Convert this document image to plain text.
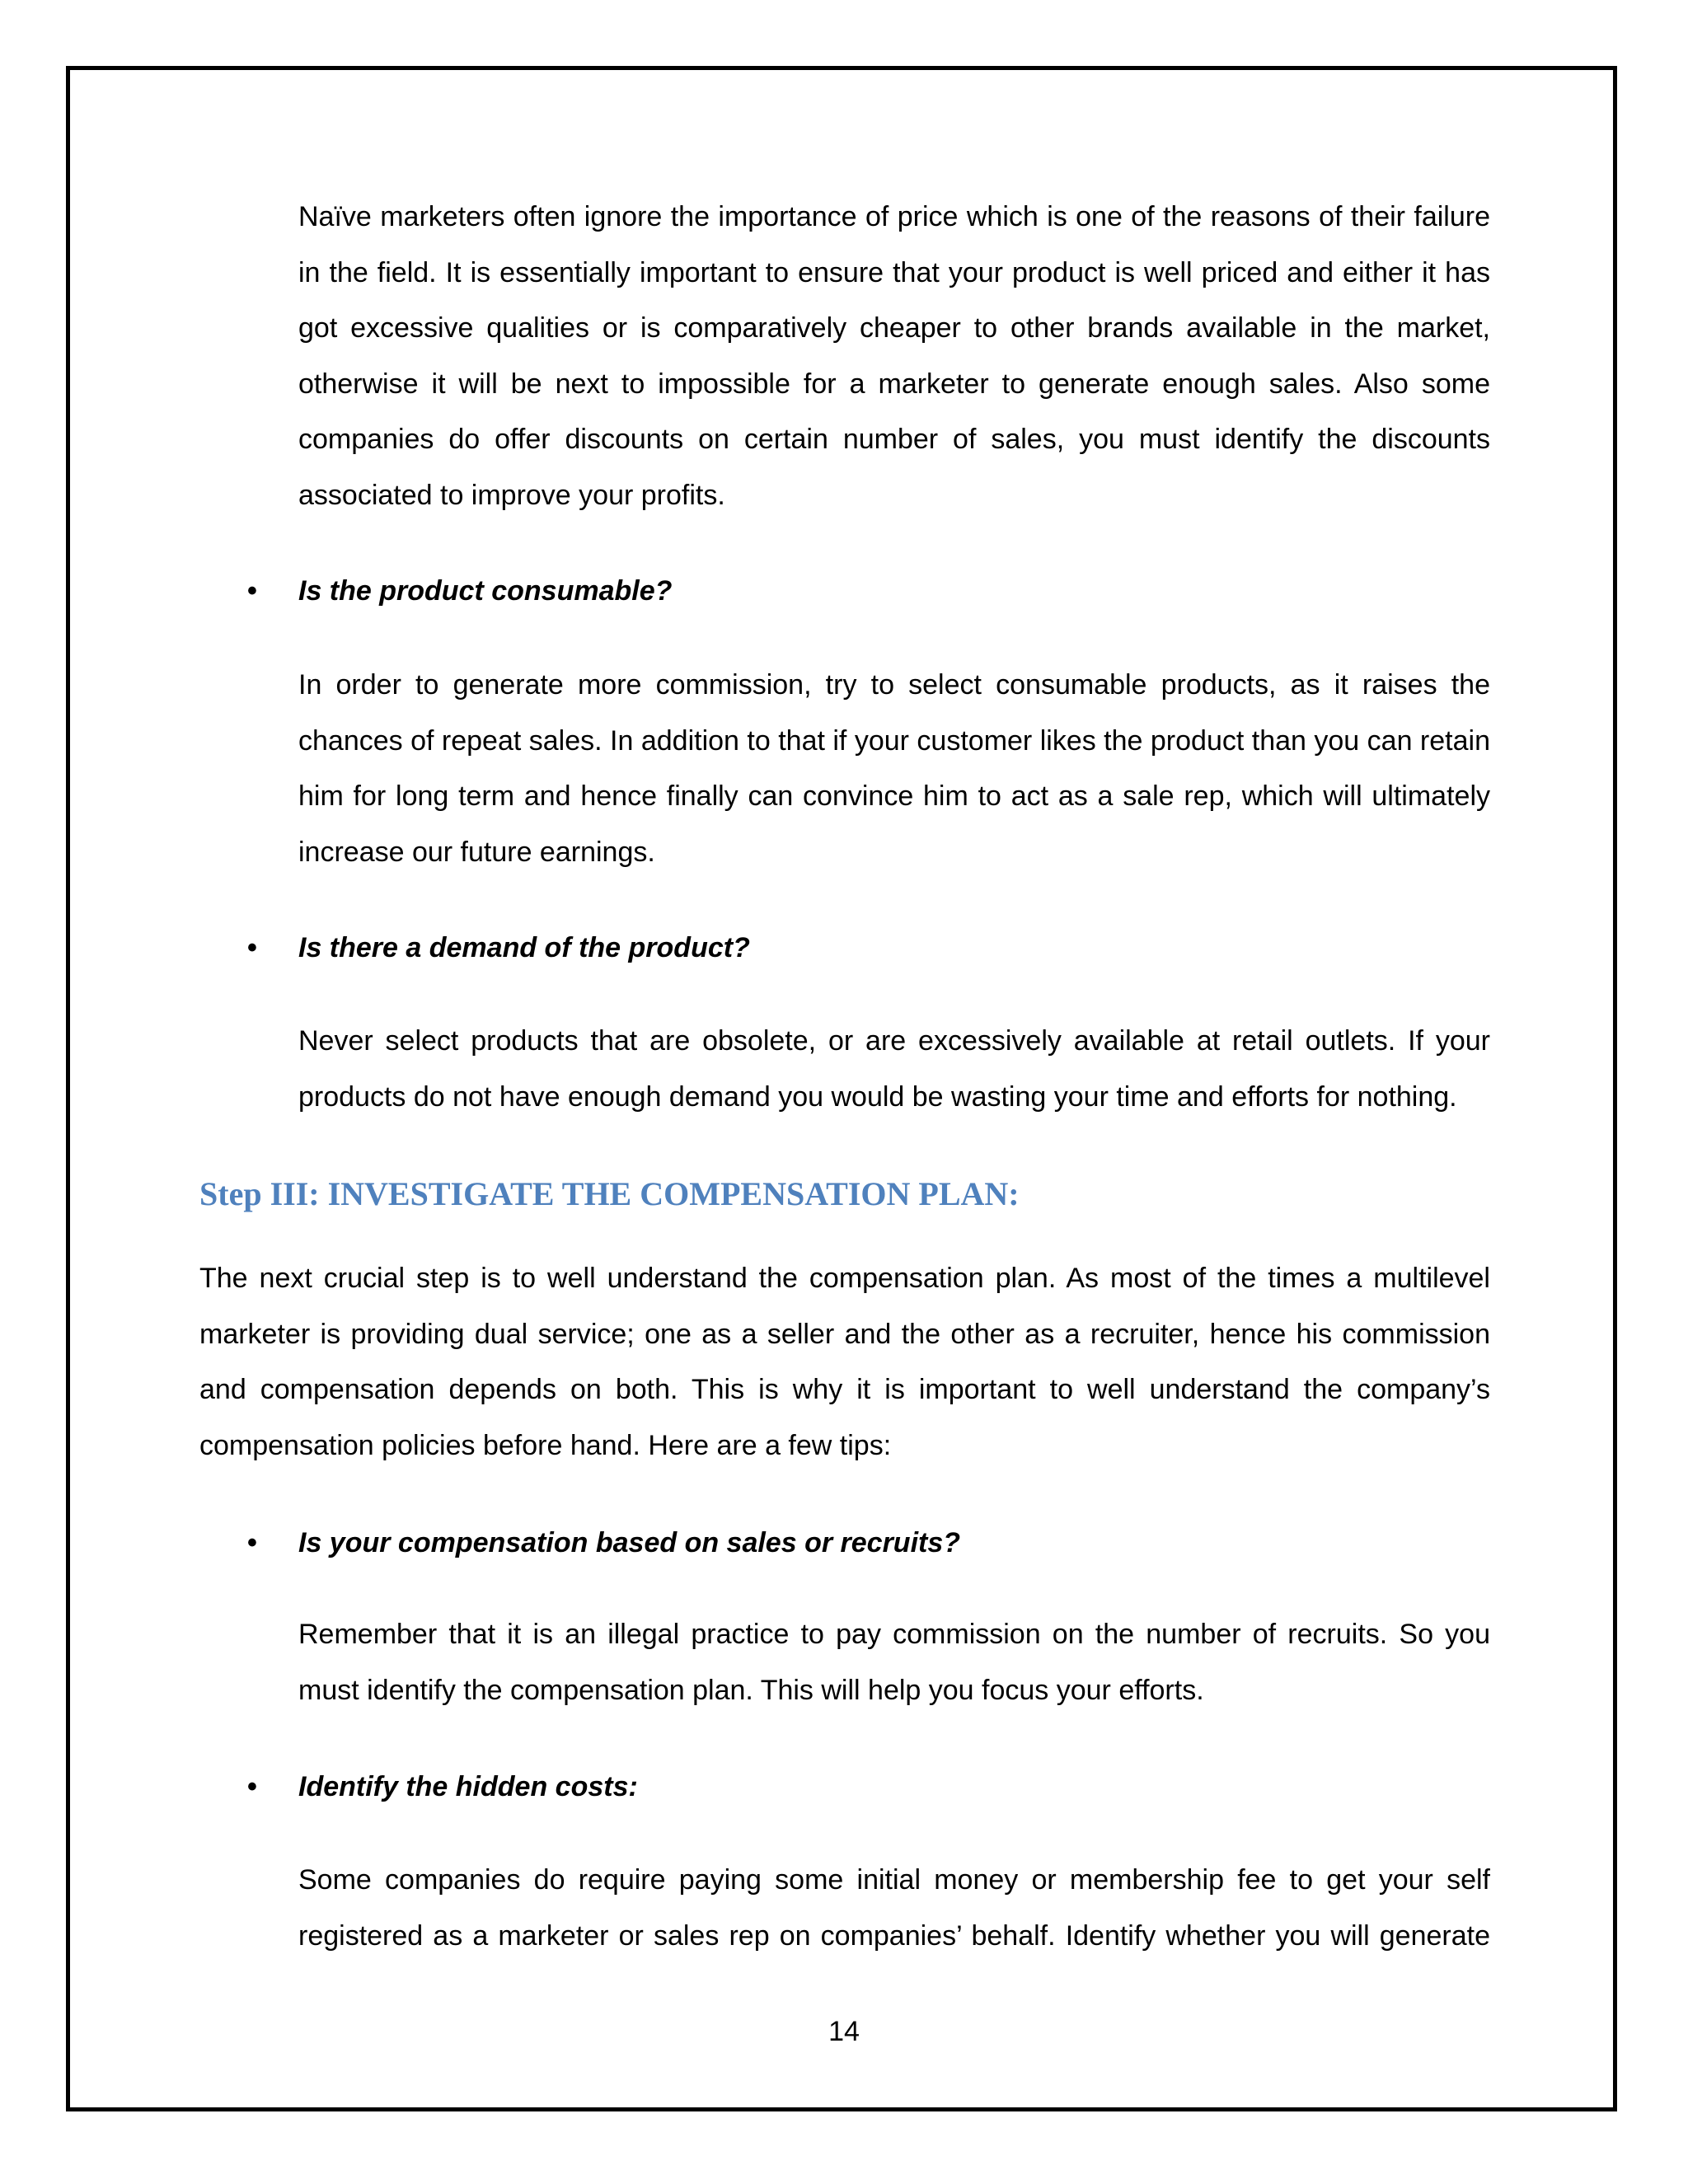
Naïve marketers often ignore the importance of price which is one of the reasons of their failure in the field. It is essentially important to ensure that your product is well priced and either it has got excessive qualities or is comparatively cheaper to other brands available in the market, otherwise it will be next to impossible for a marketer to generate enough sales. Also some companies do offer discounts on certain number of sales, you must identify the discounts associated to improve your profits.

• Is the product consumable?

In order to generate more commission, try to select consumable products, as it raises the chances of repeat sales. In addition to that if your customer likes the product than you can retain him for long term and hence finally can convince him to act as a sale rep, which will ultimately increase our future earnings.

• Is there a demand of the product?

Never select products that are obsolete, or are excessively available at retail outlets. If your products do not have enough demand you would be wasting your time and efforts for nothing.

Step III: INVESTIGATE THE COMPENSATION PLAN:

The next crucial step is to well understand the compensation plan. As most of the times a multilevel marketer is providing dual service; one as a seller and the other as a recruiter, hence his commission and compensation depends on both. This is why it is important to well understand the company’s compensation policies before hand. Here are a few tips:

• Is your compensation based on sales or recruits?

Remember that it is an illegal practice to pay commission on the number of recruits. So you must identify the compensation plan. This will help you focus your efforts.

• Identify the hidden costs:

Some companies do require paying some initial money or membership fee to get your self registered as a marketer or sales rep on companies’ behalf. Identify whether you will generate

14
